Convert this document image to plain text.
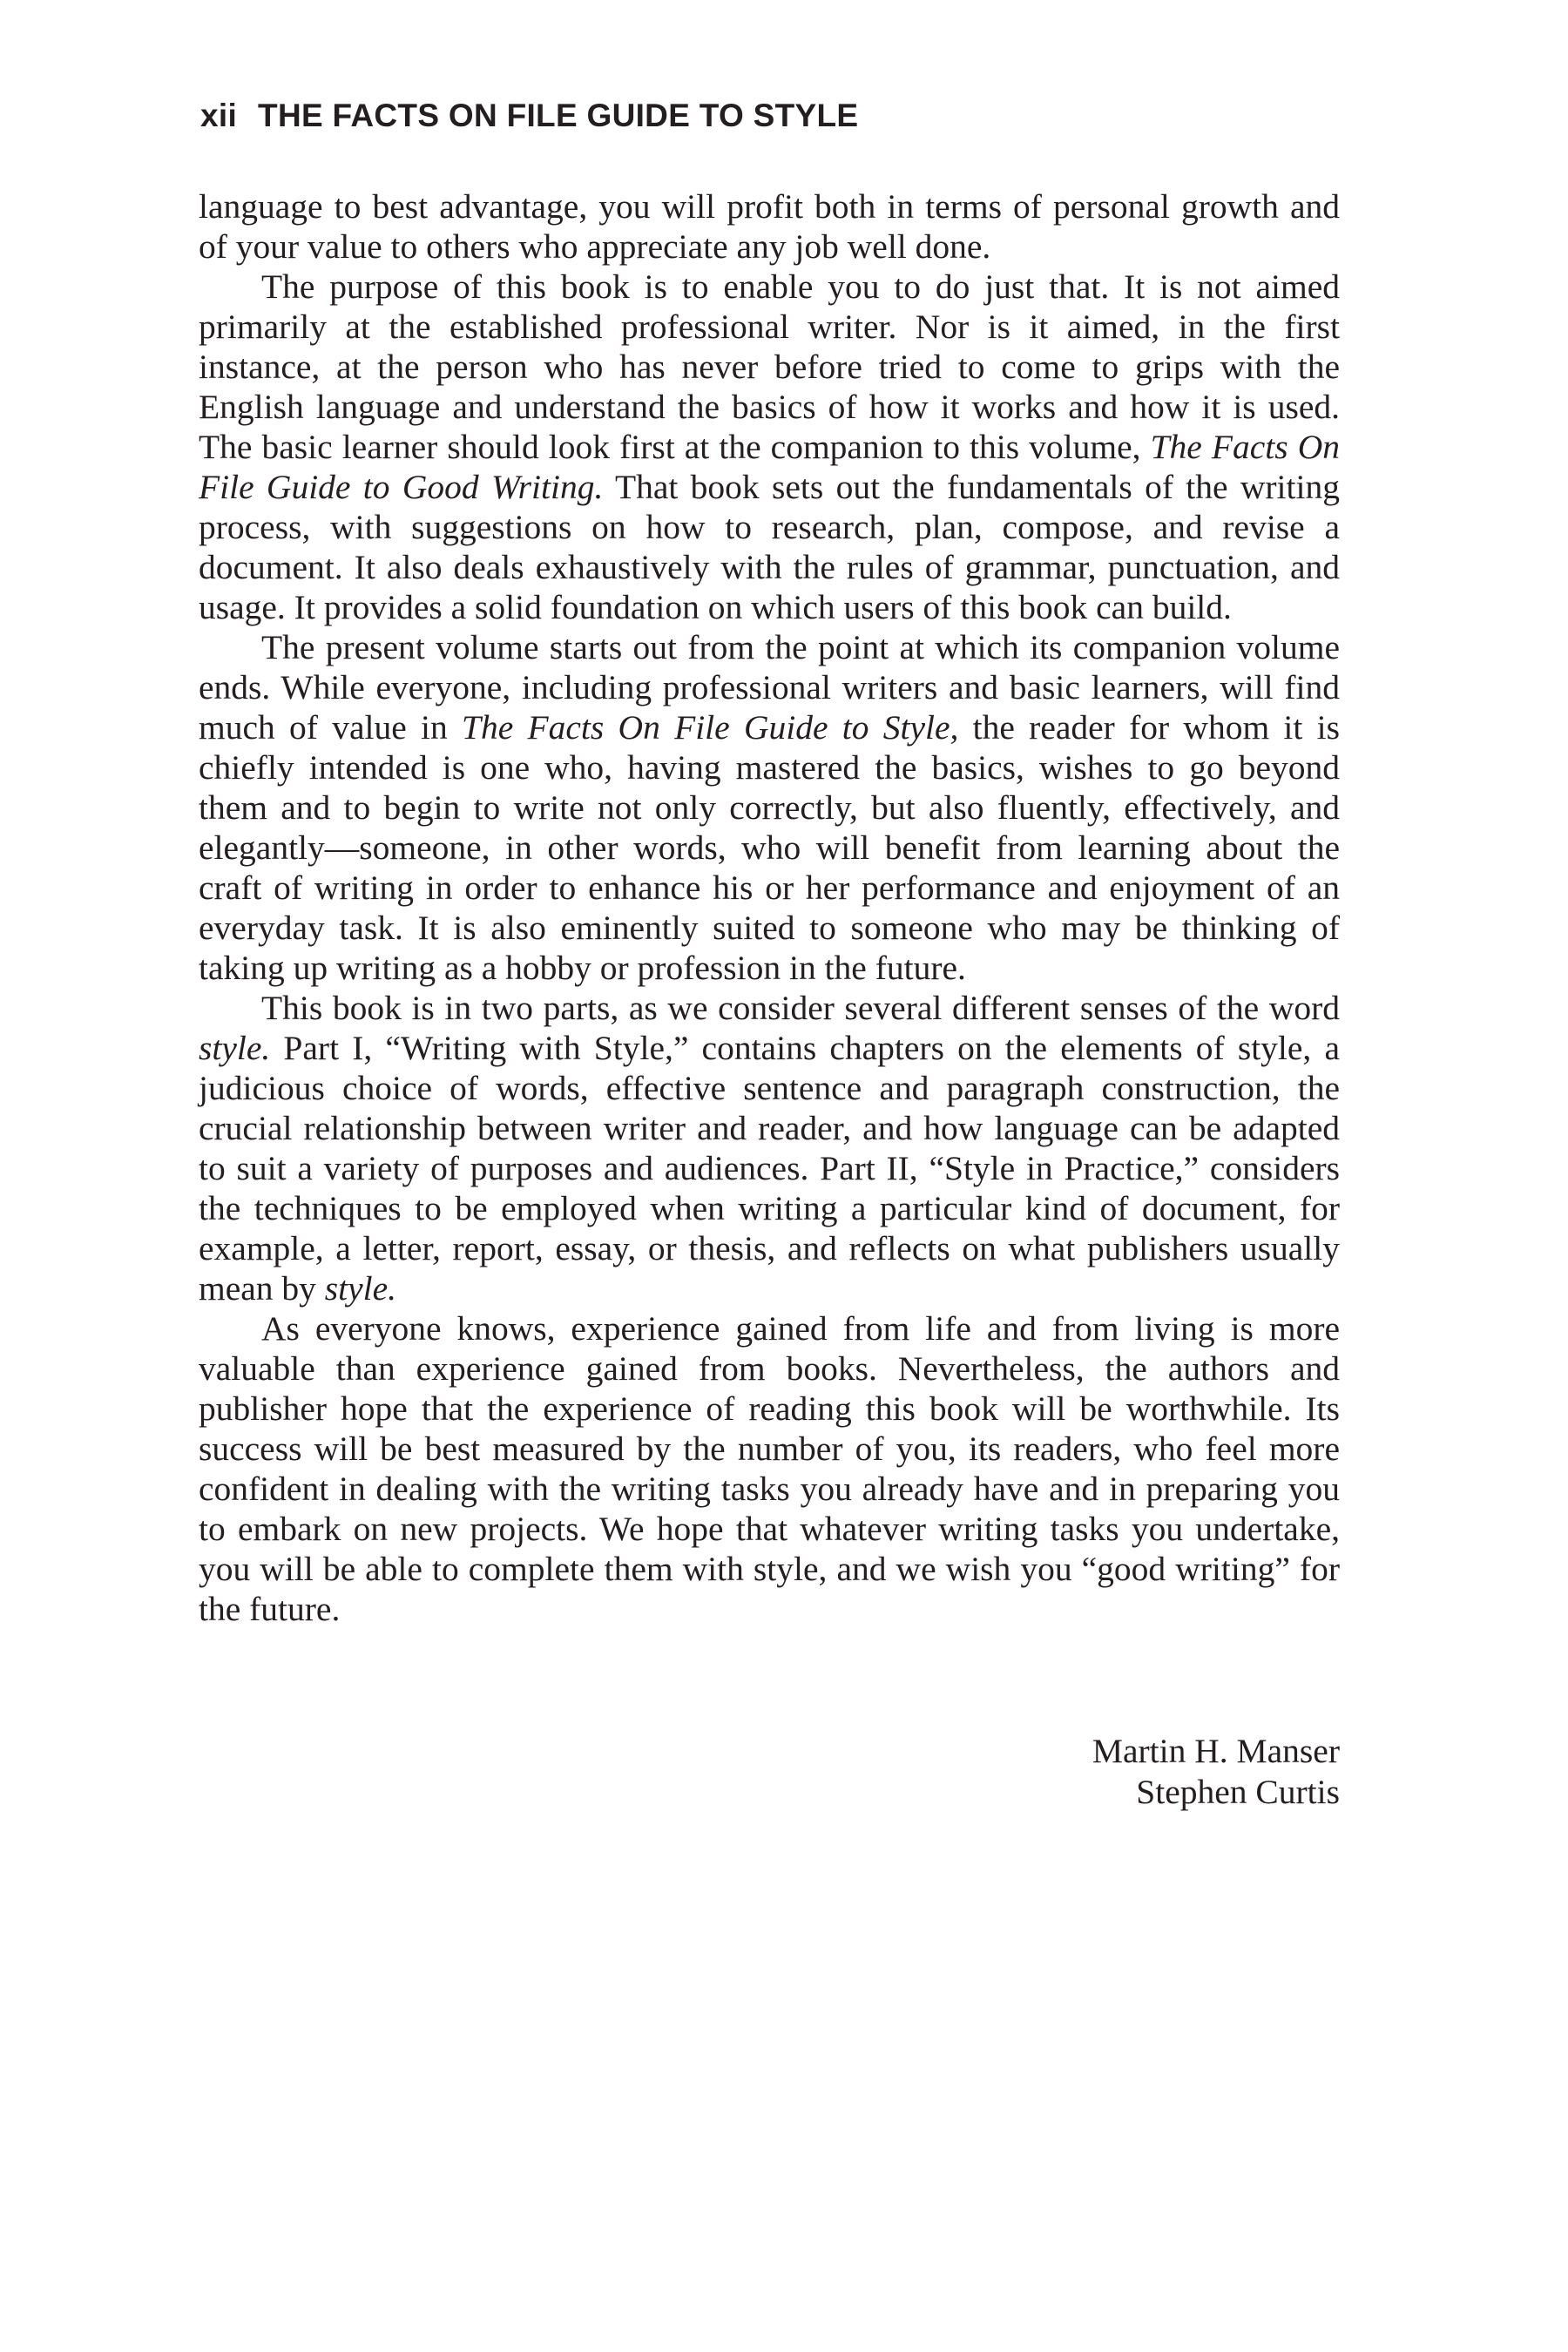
xii THE FACTS ON FILE GUIDE TO STYLE

language to best advantage, you will profit both in terms of personal growth and of your value to others who appreciate any job well done.

The purpose of this book is to enable you to do just that. It is not aimed primarily at the established professional writer. Nor is it aimed, in the first instance, at the person who has never before tried to come to grips with the English language and understand the basics of how it works and how it is used. The basic learner should look first at the companion to this volume, The Facts On File Guide to Good Writing. That book sets out the fundamentals of the writing process, with suggestions on how to research, plan, compose, and revise a document. It also deals exhaustively with the rules of grammar, punctuation, and usage. It provides a solid foundation on which users of this book can build.

The present volume starts out from the point at which its companion volume ends. While everyone, including professional writers and basic learners, will find much of value in The Facts On File Guide to Style, the reader for whom it is chiefly intended is one who, having mastered the basics, wishes to go beyond them and to begin to write not only correctly, but also fluently, effectively, and elegantly—someone, in other words, who will benefit from learning about the craft of writing in order to enhance his or her performance and enjoyment of an everyday task. It is also eminently suited to someone who may be thinking of taking up writing as a hobby or profession in the future.

This book is in two parts, as we consider several different senses of the word style. Part I, “Writing with Style,” contains chapters on the elements of style, a judicious choice of words, effective sentence and paragraph construction, the crucial relationship between writer and reader, and how language can be adapted to suit a variety of purposes and audiences. Part II, “Style in Practice,” considers the techniques to be employed when writing a particular kind of document, for example, a letter, report, essay, or thesis, and reflects on what publishers usually mean by style.

As everyone knows, experience gained from life and from living is more valuable than experience gained from books. Nevertheless, the authors and publisher hope that the experience of reading this book will be worthwhile. Its success will be best measured by the number of you, its readers, who feel more confident in dealing with the writing tasks you already have and in preparing you to embark on new projects. We hope that whatever writing tasks you undertake, you will be able to complete them with style, and we wish you “good writing” for the future.

Martin H. Manser
Stephen Curtis
